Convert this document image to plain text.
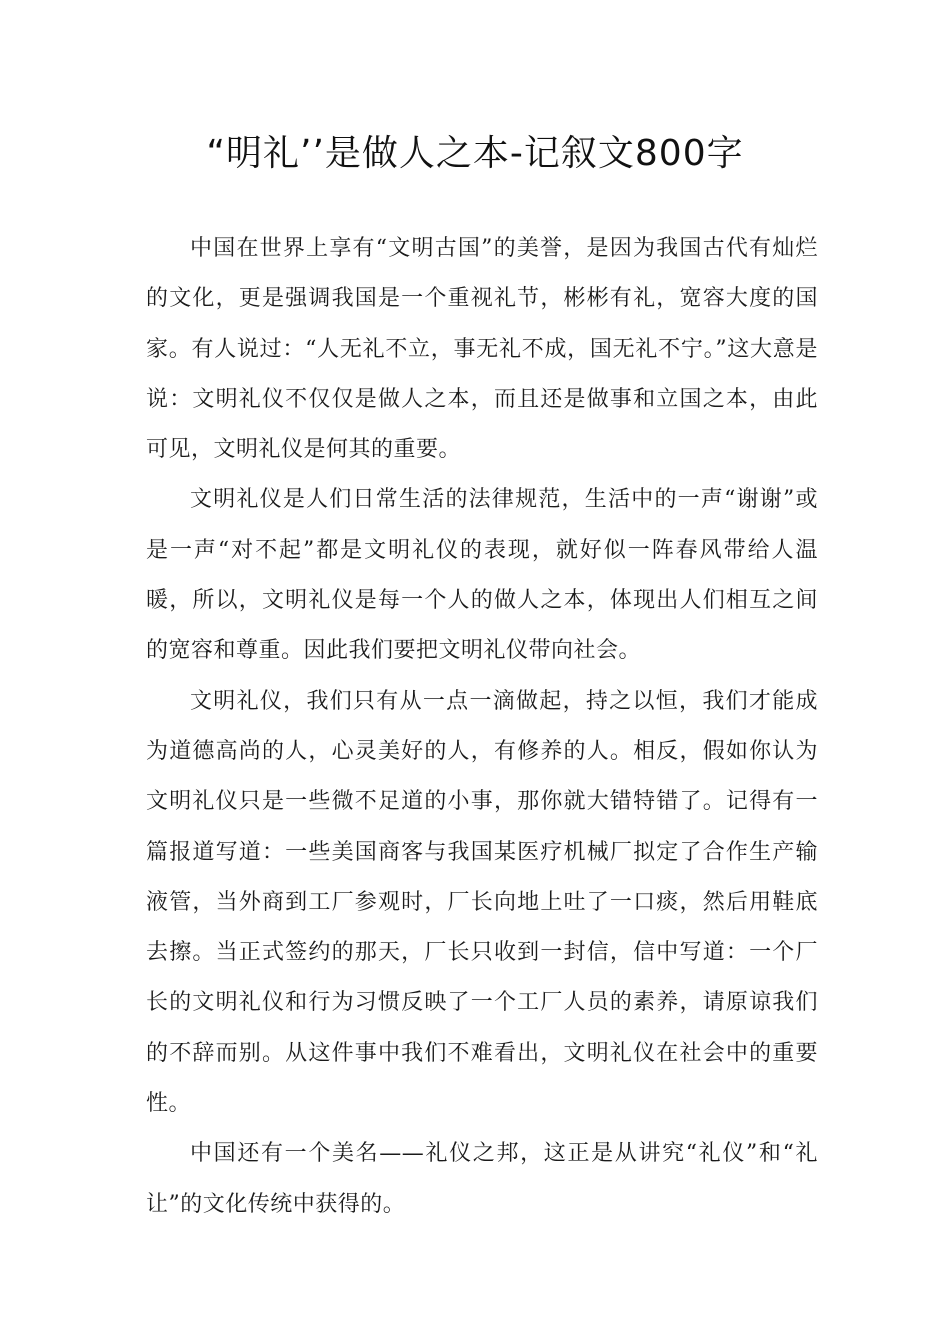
“明礼’’是做人之本-记叙文800字

中国在世界上享有“文明古国”的美誉，是因为我国古代有灿烂的文化，更是强调我国是一个重视礼节，彬彬有礼，宽容大度的国家。有人说过：“人无礼不立，事无礼不成，国无礼不宁。”这大意是说：文明礼仪不仅仅是做人之本，而且还是做事和立国之本，由此可见，文明礼仪是何其的重要。

文明礼仪是人们日常生活的法律规范，生活中的一声“谢谢”或是一声“对不起”都是文明礼仪的表现，就好似一阵春风带给人温暖，所以，文明礼仪是每一个人的做人之本，体现出人们相互之间的宽容和尊重。因此我们要把文明礼仪带向社会。

文明礼仪，我们只有从一点一滴做起，持之以恒，我们才能成为道德高尚的人，心灵美好的人，有修养的人。相反，假如你认为文明礼仪只是一些微不足道的小事，那你就大错特错了。记得有一篇报道写道：一些美国商客与我国某医疗机械厂拟定了合作生产输液管，当外商到工厂参观时，厂长向地上吐了一口痰，然后用鞋底去擦。当正式签约的那天，厂长只收到一封信，信中写道：一个厂长的文明礼仪和行为习惯反映了一个工厂人员的素养，请原谅我们的不辞而别。从这件事中我们不难看出，文明礼仪在社会中的重要性。

中国还有一个美名——礼仪之邦，这正是从讲究“礼仪”和“礼让”的文化传统中获得的。
